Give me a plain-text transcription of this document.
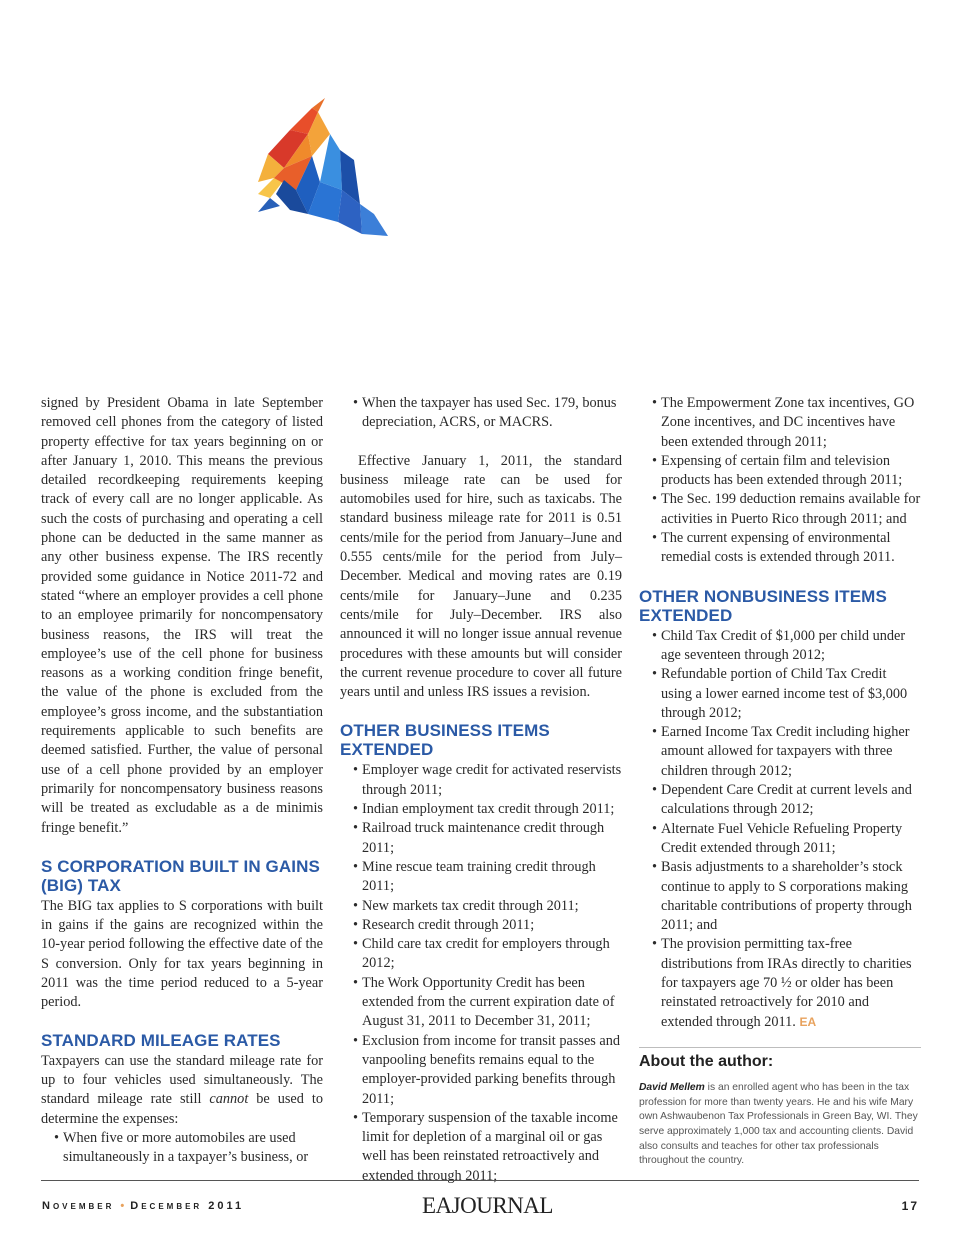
signed by President Obama in late September removed cell phones from the category of listed property effective for tax years beginning on or after January 1, 2010. This means the previous detailed recordkeeping requirements keeping track of every call are no longer applicable. As such the costs of purchasing and operating a cell phone can be deducted in the same manner as any other business expense. The IRS recently provided some guidance in Notice 2011-72 and stated “where an employer provides a cell phone to an employee primarily for noncompensatory business reasons, the IRS will treat the employee’s use of the cell phone for business reasons as a working condition fringe benefit, the value of the phone is excluded from the employee’s gross income, and the substantiation requirements applicable to such benefits are deemed satisfied. Further, the value of personal use of a cell phone provided by an employer primarily for noncompensatory business reasons will be treated as excludable as a de minimis fringe benefit.”

S CORPORATION BUILT IN GAINS (BIG) TAX

The BIG tax applies to S corporations with built in gains if the gains are recognized within the 10-year period following the effective date of the S conversion. Only for tax years beginning in 2011 was the time period reduced to a 5-year period.

STANDARD MILEAGE RATES

Taxpayers can use the standard mileage rate for up to four vehicles used simultaneously. The standard mileage rate still cannot be used to determine the expenses:

• When five or more automobiles are used simultaneously in a taxpayer’s business, or
• When the taxpayer has used Sec. 179, bonus depreciation, ACRS, or MACRS.

Effective January 1, 2011, the standard business mileage rate can be used for automobiles used for hire, such as taxicabs. The standard business mileage rate for 2011 is 0.51 cents/mile for the period from January–June and 0.555 cents/mile for the period from July–December. Medical and moving rates are 0.19 cents/mile for January–June and 0.235 cents/mile for July–December. IRS also announced it will no longer issue annual revenue procedures with these amounts but will consider the current revenue procedure to cover all future years until and unless IRS issues a revision.

OTHER BUSINESS ITEMS EXTENDED
• Employer wage credit for activated reservists through 2011;
• Indian employment tax credit through 2011;
• Railroad truck maintenance credit through 2011;
• Mine rescue team training credit through 2011;
• New markets tax credit through 2011;
• Research credit through 2011;
• Child care tax credit for employers through 2012;
• The Work Opportunity Credit has been extended from the current expiration date of August 31, 2011 to December 31, 2011;
• Exclusion from income for transit passes and vanpooling benefits remains equal to the employer-provided parking benefits through 2011;
• Temporary suspension of the taxable income limit for depletion of a marginal oil or gas well has been reinstated retroactively and extended through 2011;
• The Empowerment Zone tax incentives, GO Zone incentives, and DC incentives have been extended through 2011;
• Expensing of certain film and television products has been extended through 2011;
• The Sec. 199 deduction remains available for activities in Puerto Rico through 2011; and
• The current expensing of environmental remedial costs is extended through 2011.
OTHER NONBUSINESS ITEMS EXTENDED
• Child Tax Credit of $1,000 per child under age seventeen through 2012;
• Refundable portion of Child Tax Credit using a lower earned income test of $3,000 through 2012;
• Earned Income Tax Credit including higher amount allowed for taxpayers with three children through 2012;
• Dependent Care Credit at current levels and calculations through 2012;
• Alternate Fuel Vehicle Refueling Property Credit extended through 2011;
• Basis adjustments to a shareholder’s stock continue to apply to S corporations making charitable contributions of property through 2011; and
• The provision permitting tax-free distributions from IRAs directly to charities for taxpayers age 70 ½ or older has been reinstated retroactively for 2010 and extended through 2011. EA
About the author:
David Mellem is an enrolled agent who has been in the tax profession for more than twenty years. He and his wife Mary own Ashwaubenon Tax Professionals in Green Bay, WI. They serve approximately 1,000 tax and accounting clients. David also consults and teaches for other tax professionals throughout the country.
November • December 2011	EAJOURNAL	17
